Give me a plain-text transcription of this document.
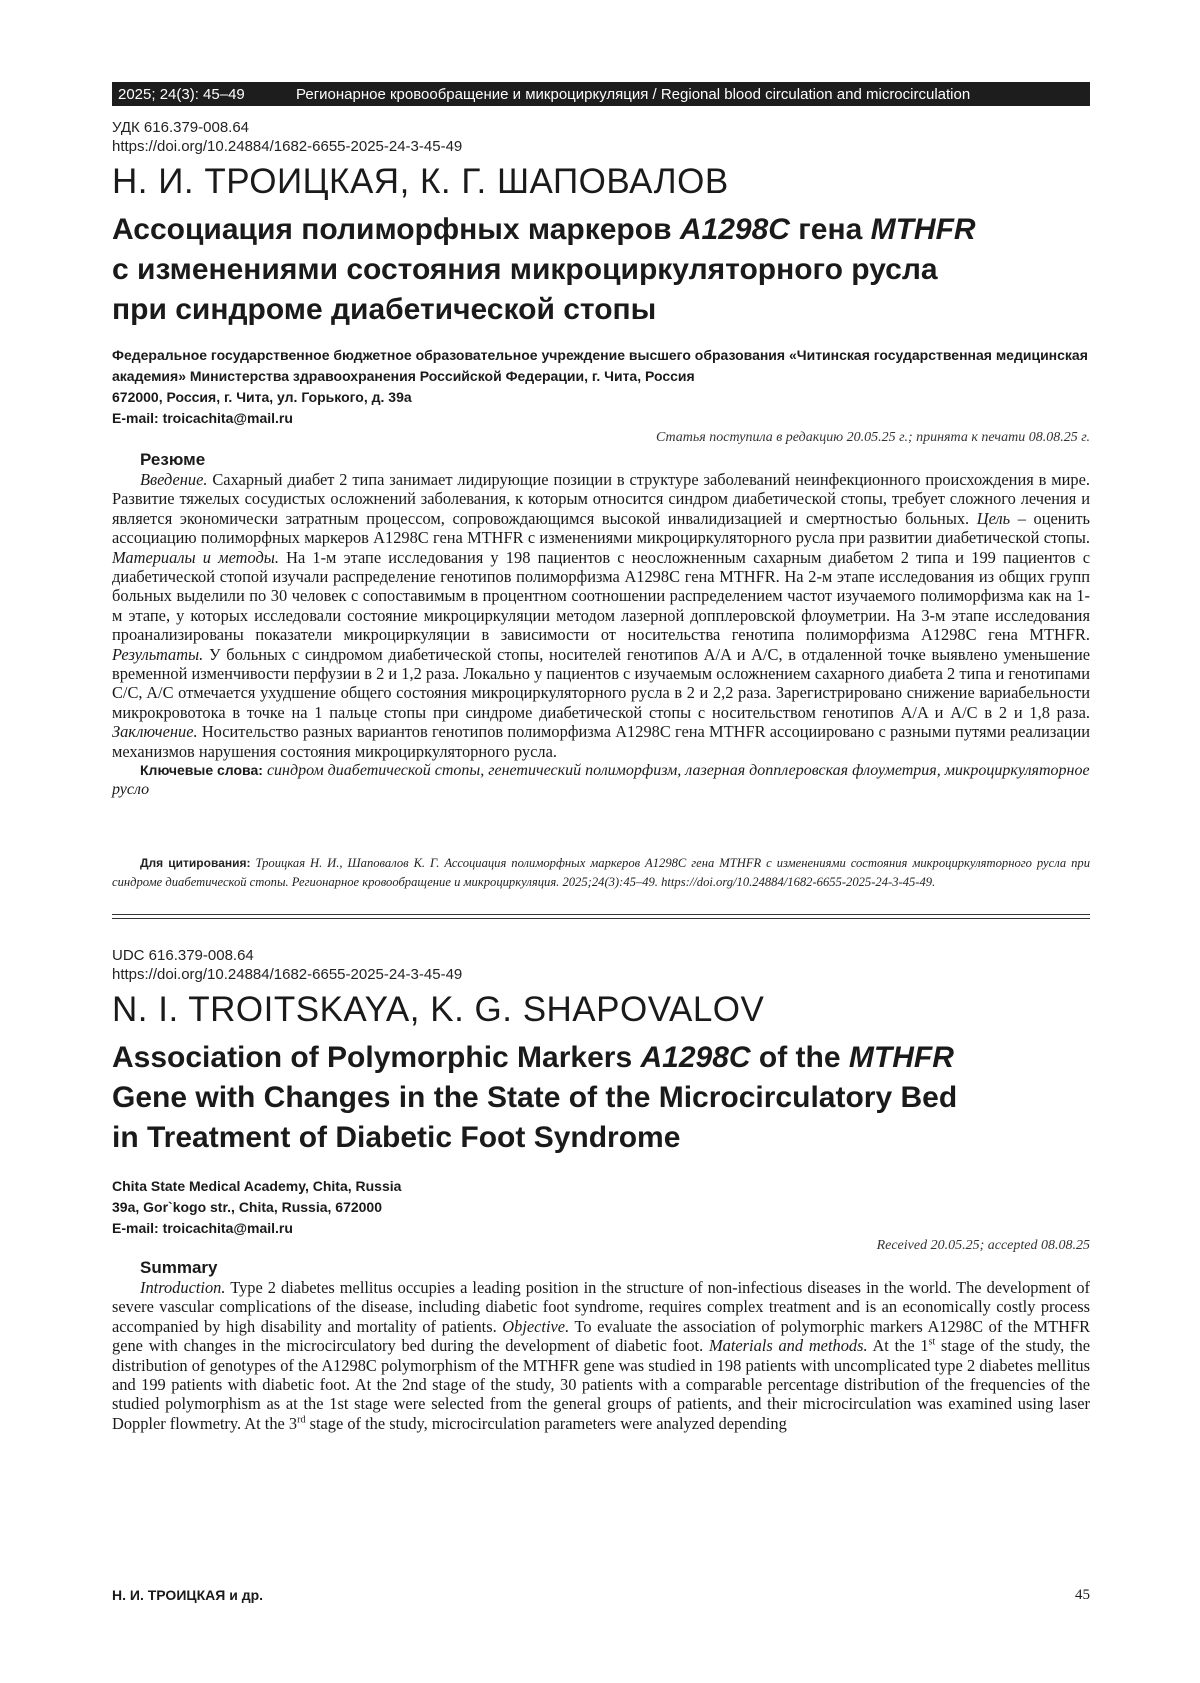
2025; 24(3): 45–49	Регионарное кровообращение и микроциркуляция / Regional blood circulation and microcirculation
УДК 616.379-008.64
https://doi.org/10.24884/1682-6655-2025-24-3-45-49
Н. И. ТРОИЦКАЯ, К. Г. ШАПОВАЛОВ
Ассоциация полиморфных маркеров A1298C гена MTHFR
с изменениями состояния микроциркуляторного русла
при синдроме диабетической стопы
Федеральное государственное бюджетное образовательное учреждение высшего образования «Читинская государственная медицинская академия» Министерства здравоохранения Российской Федерации, г. Чита, Россия
672000, Россия, г. Чита, ул. Горького, д. 39а
E-mail: troicachita@mail.ru
Статья поступила в редакцию 20.05.25 г.; принята к печати 08.08.25 г.
Резюме

Введение. Сахарный диабет 2 типа занимает лидирующие позиции в структуре заболеваний неинфекционного происхождения в мире. Развитие тяжелых сосудистых осложнений заболевания, к которым относится синдром диабетической стопы, требует сложного лечения и является экономически затратным процессом, сопровождающимся высокой инвалидизацией и смертностью больных. Цель – оценить ассоциацию полиморфных маркеров A1298C гена MTHFR с изменениями микроциркуляторного русла при развитии диабетической стопы. Материалы и методы. На 1-м этапе исследования у 198 пациентов с неосложненным сахарным диабетом 2 типа и 199 пациентов с диабетической стопой изучали распределение генотипов полиморфизма A1298C гена MTHFR. На 2-м этапе исследования из общих групп больных выделили по 30 человек с сопоставимым в процентном соотношении распределением частот изучаемого полиморфизма как на 1-м этапе, у которых исследовали состояние микроциркуляции методом лазерной допплеровской флоуметрии. На 3-м этапе исследования проанализированы показатели микроциркуляции в зависимости от носительства генотипа полиморфизма A1298C гена MTHFR. Результаты. У больных с синдромом диабетической стопы, носителей генотипов A/A и A/C, в отдаленной точке выявлено уменьшение временной изменчивости перфузии в 2 и 1,2 раза. Локально у пациентов с изучаемым осложнением сахарного диабета 2 типа и генотипами C/C, A/C отмечается ухудшение общего состояния микроциркуляторного русла в 2 и 2,2 раза. Зарегистрировано снижение вариабельности микрокровотока в точке на 1 пальце стопы при синдроме диабетической стопы с носительством генотипов A/A и A/C в 2 и 1,8 раза. Заключение. Носительство разных вариантов генотипов полиморфизма A1298C гена MTHFR ассоциировано с разными путями реализации механизмов нарушения состояния микроциркуляторного русла.

Ключевые слова: синдром диабетической стопы, генетический полиморфизм, лазерная допплеровская флоуметрия, микроциркуляторное русло

Для цитирования: Троицкая Н. И., Шаповалов К. Г. Ассоциация полиморфных маркеров A1298C гена MTHFR с изменениями состояния микроциркуляторного русла при синдроме диабетической стопы. Регионарное кровообращение и микроциркуляция. 2025;24(3):45–49. https://doi.org/10.24884/1682-6655-2025-24-3-45-49.

UDC 616.379-008.64
https://doi.org/10.24884/1682-6655-2025-24-3-45-49
N. I. TROITSKAYA, K. G. SHAPOVALOV
Association of Polymorphic Markers A1298C of the MTHFR
Gene with Changes in the State of the Microcirculatory Bed
in Treatment of Diabetic Foot Syndrome
Chita State Medical Academy, Chita, Russia
39a, Gor`kogo str., Chita, Russia, 672000
E-mail: troicachita@mail.ru
Received 20.05.25; accepted 08.08.25
Summary

Introduction. Type 2 diabetes mellitus occupies a leading position in the structure of non-infectious diseases in the world. The development of severe vascular complications of the disease, including diabetic foot syndrome, requires complex treatment and is an economically costly process accompanied by high disability and mortality of patients. Objective. To evaluate the association of polymorphic markers A1298C of the MTHFR gene with changes in the microcirculatory bed during the development of diabetic foot. Materials and methods. At the 1st stage of the study, the distribution of genotypes of the A1298C polymorphism of the MTHFR gene was studied in 198 patients with uncomplicated type 2 diabetes mellitus and 199 patients with diabetic foot. At the 2nd stage of the study, 30 patients with a comparable percentage distribution of the frequencies of the studied polymorphism as at the 1st stage were selected from the general groups of patients, and their microcirculation was examined using laser Doppler flowmetry. At the 3rd stage of the study, microcirculation parameters were analyzed depending

Н. И. ТРОИЦКАЯ и др.	45
